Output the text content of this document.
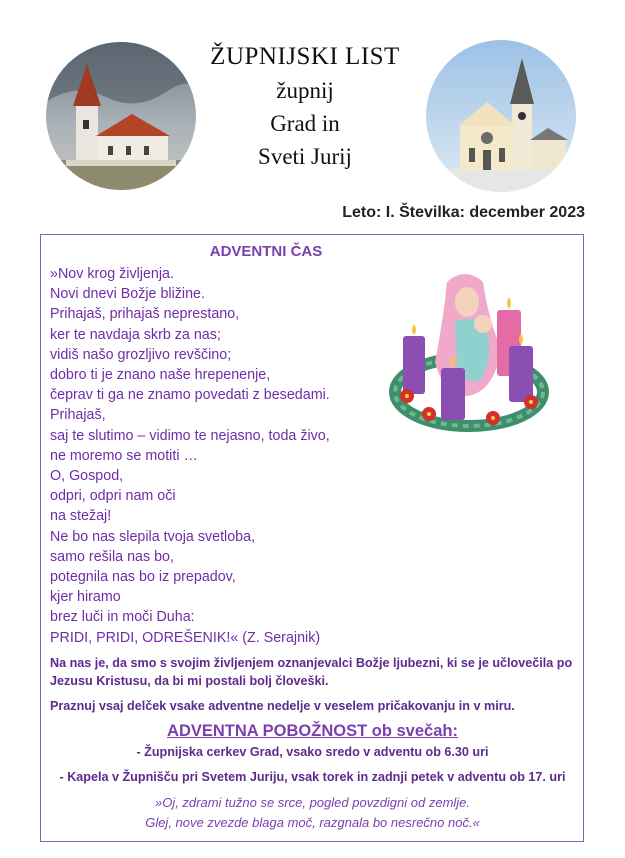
ŽUPNIJSKI LIST
župnij
Grad in
Sveti Jurij
Leto: I. Številka: december 2023
ADVENTNI ČAS
»Nov krog življenja.
Novi dnevi Božje bližine.
Prihajaš, prihajaš neprestano,
ker te navdaja skrb za nas;
vidiš našo grozljivo revščino;
dobro ti je znano naše hrepenenje,
čeprav ti ga ne znamo povedati z besedami.
Prihajaš,
saj te slutimo – vidimo te nejasno, toda živo,
ne moremo se motiti …
O, Gospod,
odpri, odpri nam oči
na stežaj!
Ne bo nas slepila tvoja svetloba,
samo rešila nas bo,
potegnila nas bo iz prepadov,
kjer hiramo
brez luči in moči Duha:
PRIDI, PRIDI, ODREŠENIK!« (Z. Serajnik)
Na nas je, da smo s svojim življenjem oznanjevalci Božje ljubezni, ki se je učlovečila po Jezusu Kristusu, da bi mi postali bolj človeški.
Praznuj vsaj delček vsake adventne nedelje v veselem pričakovanju in v miru.
ADVENTNA POBOŽNOST ob svečah:
- Župnijska cerkev Grad, vsako sredo v adventu ob 6.30 uri
- Kapela v Župnišču pri Svetem Juriju, vsak torek in zadnji petek v adventu ob 17. uri
»Oj, zdrami tužno se srce, pogled povzdigni od zemlje.
Glej, nove zvezde blaga moč, razgnala bo nesrečno noč.«
